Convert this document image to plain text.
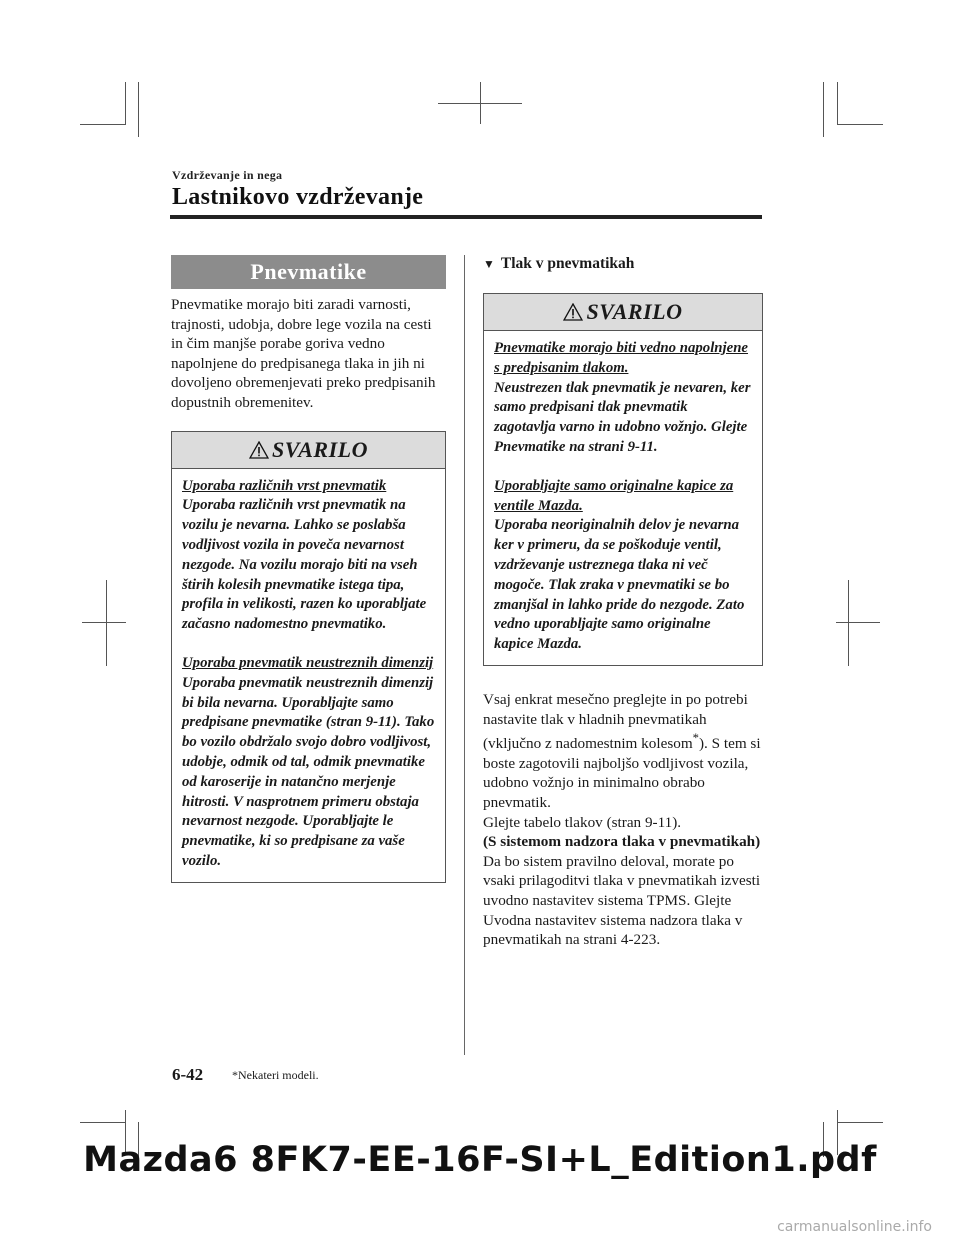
Vzdrževanje in nega
Lastnikovo vzdrževanje
Pnevmatike

Pnevmatike morajo biti zaradi varnosti, trajnosti, udobja, dobre lege vozila na cesti in čim manjše porabe goriva vedno napolnjene do predpisanega tlaka in jih ni dovoljeno obremenjevati preko predpisanih dopustnih obremenitev.

SVARILO
Uporaba različnih vrst pnevmatik
Uporaba različnih vrst pnevmatik na vozilu je nevarna. Lahko se poslabša vodljivost vozila in poveča nevarnost nezgode. Na vozilu morajo biti na vseh štirih kolesih pnevmatike istega tipa, profila in velikosti, razen ko uporabljate začasno nadomestno pnevmatiko.
Uporaba pnevmatik neustreznih dimenzij
Uporaba pnevmatik neustreznih dimenzij bi bila nevarna. Uporabljajte samo predpisane pnevmatike (stran 9-11). Tako bo vozilo obdržalo svojo dobro vodljivost, udobje, odmik od tal, odmik pnevmatike od karoserije in natančno merjenje hitrosti. V nasprotnem primeru obstaja nevarnost nezgode. Uporabljajte le pnevmatike, ki so predpisane za vaše vozilo.
▼ Tlak v pnevmatikah
SVARILO
Pnevmatike morajo biti vedno napolnjene s predpisanim tlakom.
Neustrezen tlak pnevmatik je nevaren, ker samo predpisani tlak pnevmatik zagotavlja varno in udobno vožnjo. Glejte Pnevmatike na strani 9-11.
Uporabljajte samo originalne kapice za ventile Mazda.
Uporaba neoriginalnih delov je nevarna ker v primeru, da se poškoduje ventil, vzdrževanje ustreznega tlaka ni več mogoče. Tlak zraka v pnevmatiki se bo zmanjšal in lahko pride do nezgode. Zato vedno uporabljajte samo originalne kapice Mazda.

Vsaj enkrat mesečno preglejte in po potrebi nastavite tlak v hladnih pnevmatikah (vključno z nadomestnim kolesom*). S tem si boste zagotovili najboljšo vodljivost vozila, udobno vožnjo in minimalno obrabo pnevmatik.

Glejte tabelo tlakov (stran 9-11).

(S sistemom nadzora tlaka v pnevmatikah)

Da bo sistem pravilno deloval, morate po vsaki prilagoditvi tlaka v pnevmatikah izvesti uvodno nastavitev sistema TPMS. Glejte Uvodna nastavitev sistema nadzora tlaka v pnevmatikah na strani 4-223.

6-42 *Nekateri modeli.
Mazda6 8FK7-EE-16F-SI+L_Edition1.pdf
carmanualsonline.info
